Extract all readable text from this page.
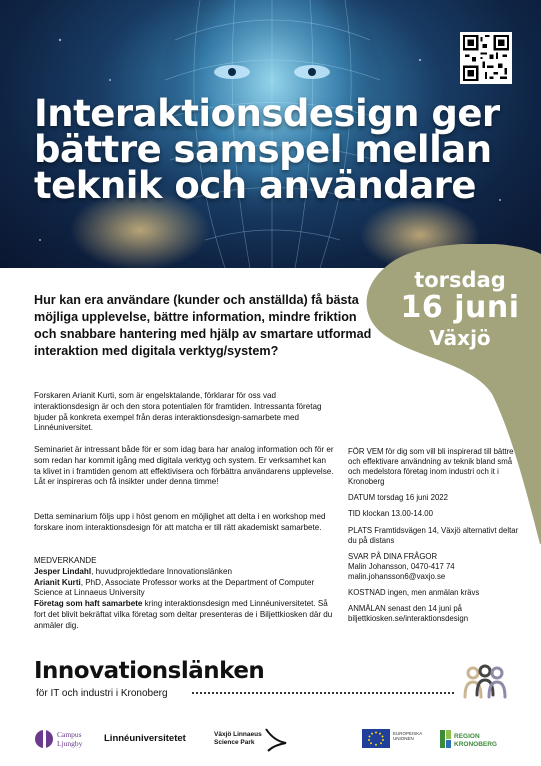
Interaktionsdesign ger
bättre samspel mellan
teknik och användare
torsdag
16 juni
Växjö

Hur kan era användare (kunder och anställda) få bästa möjliga upplevelse, bättre information, mindre friktion och snabbare hantering med hjälp av smartare utformad interaktion med digitala verktyg/system?

Forskaren Arianit Kurti, som är engelsktalande, förklarar för oss vad interaktionsdesign är och den stora potentialen för framtiden. Intressanta företag bjuder på konkreta exempel från deras interaktionsdesign-samarbete med Linnéuniversitet.

Seminariet är intressant både för er som idag bara har analog information och för er som redan har kommit igång med digitala verktyg och system. Er verksamhet kan ta klivet in i framtiden genom att effektivisera och förbättra användarens upplevelse. Låt er inspireras och få insikter under denna timme!

Detta seminarium följs upp i höst genom en möjlighet att delta i en workshop med forskare inom interaktionsdesign för att matcha er till rätt akademiskt samarbete.

MEDVERKANDE
Jesper Lindahl, huvudprojektledare Innovationslänken
Arianit Kurti, PhD, Associate Professor works at the Department of Computer Science at Linnaeus University
Företag som haft samarbete kring interaktionsdesign med Linnéuniversitetet. Så fort det blivit bekräftat vilka företag som deltar presenteras de i Biljettkiosken där du anmäler dig.
FÖR VEM för dig som vill bli inspirerad till bättre och effektivare användning av teknik bland små och medelstora företag inom industri och it i Kronoberg
DATUM torsdag 16 juni 2022
TID klockan 13.00-14.00
PLATS Framtidsvägen 14, Växjö alternativt deltar du på distans
SVAR PÅ DINA FRÅGOR
Malin Johansson, 0470-417 74 malin.johansson6@vaxjo.se
KOSTNAD ingen, men anmälan krävs
ANMÄLAN senast den 14 juni på biljettkiosken.se/interaktionsdesign
Innovationslänken
för IT och industri i Kronoberg
Campus
Ljungby Linnéuniversitetet	Växjö Linnaeus
Science Park
EUROPEISKA
UNIONEN	REGION
KRONOBERG
